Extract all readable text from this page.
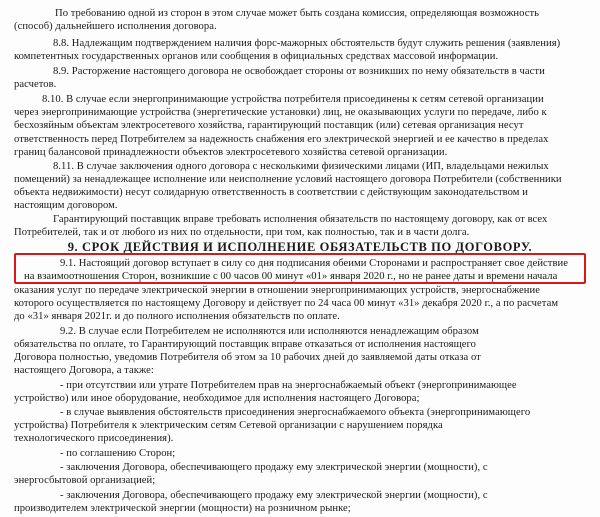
По требованию одной из сторон в этом случае может быть создана комиссия, определяющая возможность
(способ) дальнейшего исполнения договора.
8.8. Надлежащим подтверждением наличия форс-мажорных обстоятельств будут служить решения (заявления)
компетентных государственных органов или сообщения в официальных средствах массовой информации.
8.9. Расторжение настоящего договора не освобождает стороны от возникших по нему обязательств в части
расчетов.
8.10. В случае если энергопринимающие устройства потребителя присоединены к сетям сетевой организации
через энергопринимающие устройства (энергетические установки) лиц, не оказывающих услуги по передаче, либо к
бесхозяйным объектам электросетевого хозяйства, гарантирующий поставщик (или) сетевая организация несут
ответственность перед Потребителем за надежность снабжения его электрической энергией и ее качество в пределах
границ балансовой принадлежности объектов электросетевого хозяйства сетевой организации.
8.11. В случае заключения одного договора с несколькими физическими лицами (ИП, владельцами нежилых
помещений) за ненадлежащее исполнение или неисполнение условий настоящего договора Потребители (собственники
объекта недвижимости) несут солидарную ответственность в соответствии с действующим законодательством и
настоящим договором.
Гарантирующий поставщик вправе требовать исполнения обязательств по настоящему договору, как от всех
Потребителей, так и от любого из них по отдельности, при том, как полностью, так и в части долга.
9. СРОК ДЕЙСТВИЯ И ИСПОЛНЕНИЕ ОБЯЗАТЕЛЬСТВ ПО ДОГОВОРУ.
9.1. Настоящий договор вступает в силу со дня подписания обеими Сторонами и распространяет свое действие
на взаимоотношения Сторон, возникшие с 00 часов 00 минут «01» января 2020 г., но не ранее даты и времени начала
оказания услуг по передаче электрической энергии в отношении энергопринимающих устройств, энергоснабжение
которого осуществляется по настоящему Договору и действует по 24 часа 00 минут «31» декабря 2020 г., а по расчетам
до «31» января 2021г. и до полного исполнения обязательств по оплате.
9.2. В случае если Потребителем не исполняются или исполняются ненадлежащим образом
обязательства по оплате, то Гарантирующий поставщик вправе отказаться от исполнения настоящего
Договора полностью, уведомив Потребителя об этом за 10 рабочих дней до заявляемой даты отказа от
настоящего Договора, а также:
- при отсутствии или утрате Потребителем прав на энергоснабжаемый объект (энергопринимающее
устройство) или иное оборудование, необходимое для исполнения настоящего Договора;
- в случае выявления обстоятельств присоединения энергоснабжаемого объекта (энергопринимающего
устройства) Потребителя к электрическим сетям Сетевой организации с нарушением порядка
технологического присоединения).
- по соглашению Сторон;
- заключения Договора, обеспечивающего продажу ему электрической энергии (мощности), с
энергосбытовой организацией;
- заключения Договора, обеспечивающего продажу ему электрической энергии (мощности), с
производителем электрической энергии (мощности) на розничном рынке;
